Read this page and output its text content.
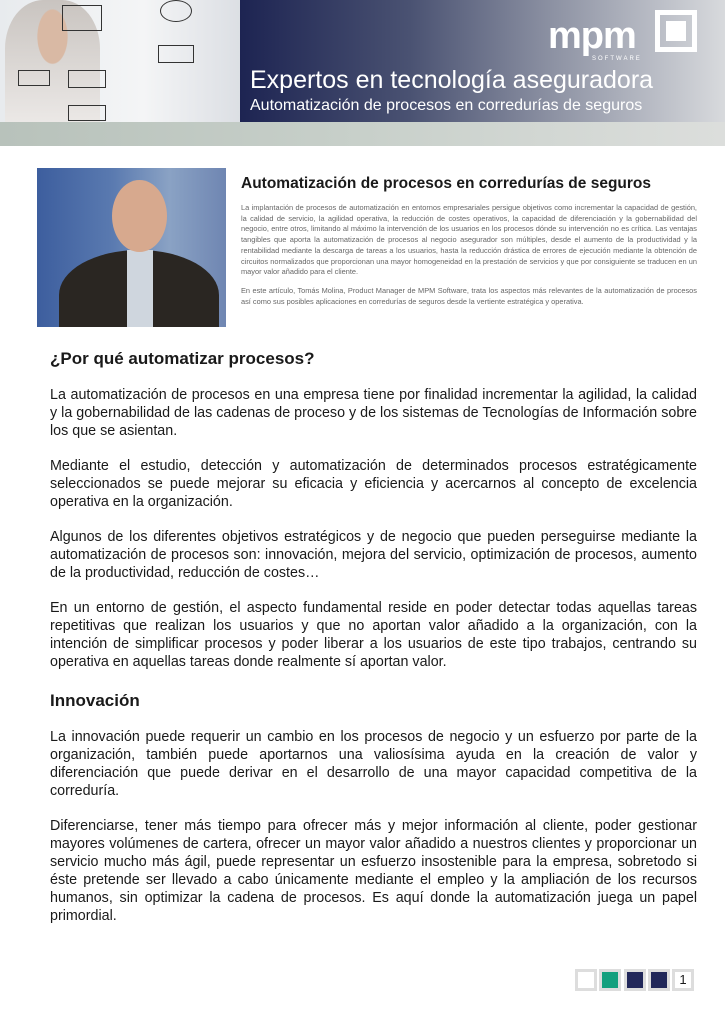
mpm
SOFTWARE
Expertos en tecnología aseguradora
Automatización de procesos en corredurías de seguros
Automatización de procesos en corredurías de seguros

La implantación de procesos de automatización en entornos empresariales persigue objetivos como incrementar la capacidad de gestión, la calidad de servicio, la agilidad operativa, la reducción de costes operativos, la capacidad de diferenciación y la gobernabilidad del negocio, entre otros, limitando al máximo la intervención de los usuarios en los procesos dónde su intervención no es crítica. Las ventajas tangibles que aporta la automatización de procesos al negocio asegurador son múltiples, desde el aumento de la productividad y la rentabilidad mediante la descarga de tareas a los usuarios, hasta la reducción drástica de errores de ejecución mediante la obtención de circuitos normalizados que proporcionan una mayor homogeneidad en la prestación de servicios y que por consiguiente se traducen en un mayor valor añadido para el cliente.

En este artículo, Tomás Molina, Product Manager de MPM Software, trata los aspectos más relevantes de la automatización de procesos así como sus posibles aplicaciones en corredurías de seguros desde la vertiente estratégica y operativa.

¿Por qué automatizar procesos?

La automatización de procesos en una empresa tiene por finalidad incrementar la agilidad, la calidad y la gobernabilidad de las cadenas de proceso y de los sistemas de Tecnologías de Información sobre los que se asientan.

Mediante el estudio, detección y automatización de determinados procesos estratégicamente seleccionados se puede mejorar su eficacia y eficiencia y acercarnos al concepto de excelencia operativa en la organización.

Algunos de los diferentes objetivos estratégicos y de negocio que pueden perseguirse mediante la automatización de procesos son: innovación, mejora del servicio, optimización de procesos, aumento de la productividad, reducción de costes…

En un entorno de gestión, el aspecto fundamental reside en poder detectar todas aquellas tareas repetitivas que realizan los usuarios y que no aportan valor añadido a la organización, con la intención de simplificar procesos y poder liberar a los usuarios de este tipo trabajos, centrando su operativa en aquellas tareas donde realmente sí aportan valor.

Innovación

La innovación puede requerir un cambio en los procesos de negocio y un esfuerzo por parte de la organización, también puede aportarnos una valiosísima ayuda en la creación de valor y diferenciación que puede derivar en el desarrollo de una mayor capacidad competitiva de la correduría.

Diferenciarse, tener más tiempo para ofrecer más y mejor información al cliente, poder gestionar mayores volúmenes de cartera, ofrecer un mayor valor añadido a nuestros clientes y proporcionar un servicio mucho más ágil, puede representar un esfuerzo insostenible para la empresa, sobretodo si éste pretende ser llevado a cabo únicamente mediante el empleo y la ampliación de los recursos humanos, sin optimizar la cadena de procesos. Es aquí donde la automatización juega un papel primordial.

1
